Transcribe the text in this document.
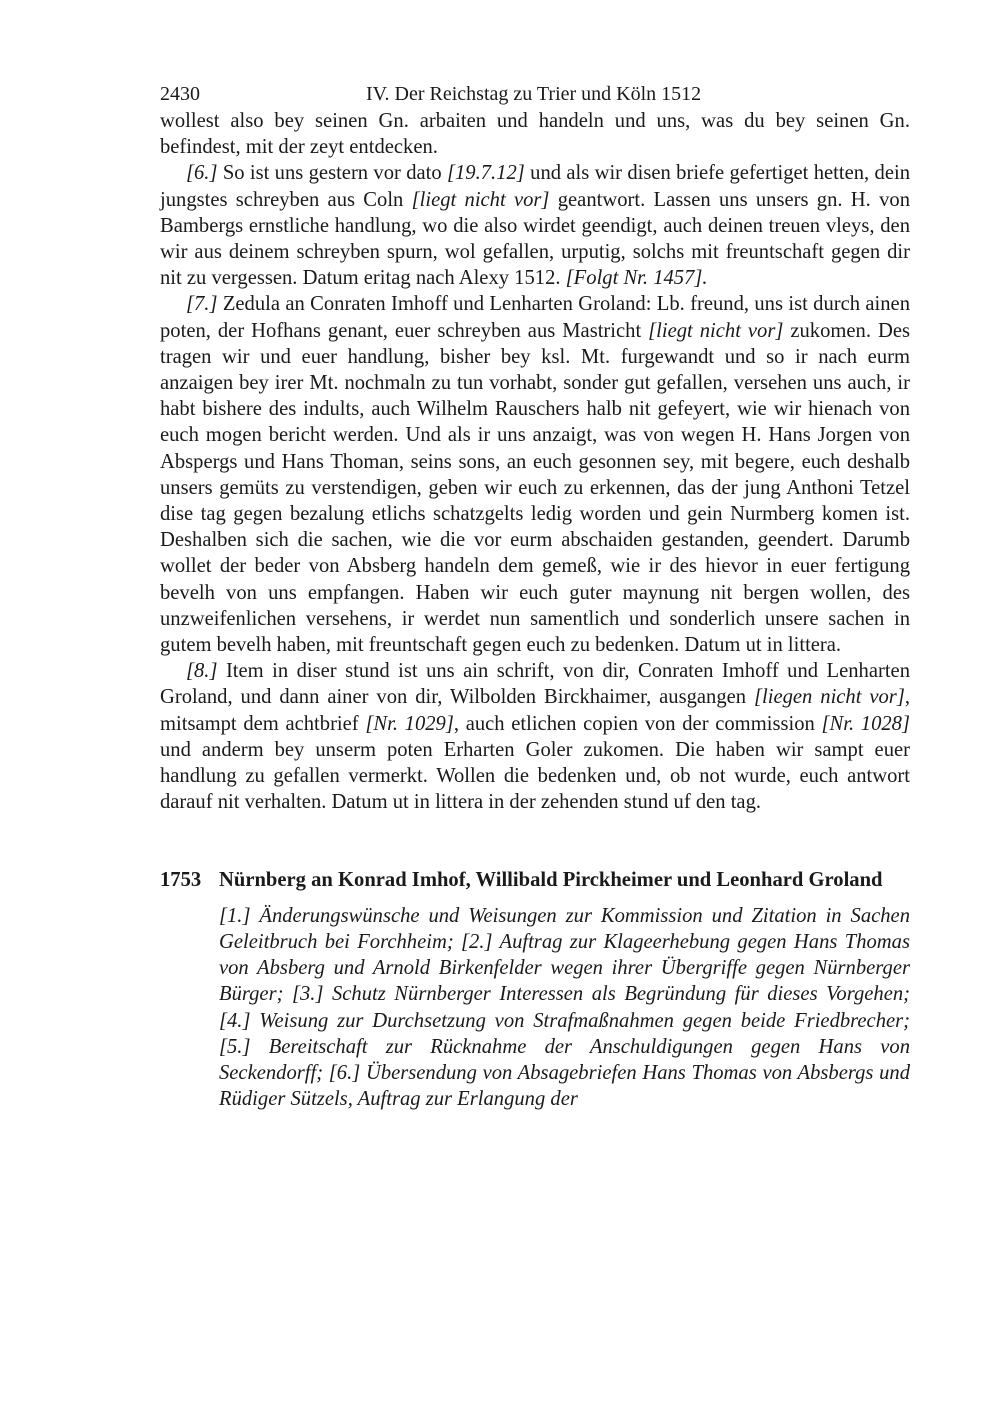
2430	IV. Der Reichstag zu Trier und Köln 1512

wollest also bey seinen Gn. arbaiten und handeln und uns, was du bey seinen Gn. befindest, mit der zeyt entdecken.

[6.] So ist uns gestern vor dato [19.7.12] und als wir disen briefe gefertiget hetten, dein jungstes schreyben aus Coln [liegt nicht vor] geantwort. Lassen uns unsers gn. H. von Bambergs ernstliche handlung, wo die also wirdet geendigt, auch deinen treuen vleys, den wir aus deinem schreyben spurn, wol gefallen, urputig, solchs mit freuntschaft gegen dir nit zu vergessen. Datum eritag nach Alexy 1512. [Folgt Nr. 1457].

[7.] Zedula an Conraten Imhoff und Lenharten Groland: Lb. freund, uns ist durch ainen poten, der Hofhans genant, euer schreyben aus Mastricht [liegt nicht vor] zukomen. Des tragen wir und euer handlung, bisher bey ksl. Mt. furgewandt und so ir nach eurm anzaigen bey irer Mt. nochmaln zu tun vorhabt, sonder gut gefallen, versehen uns auch, ir habt bishere des indults, auch Wilhelm Rauschers halb nit gefeyert, wie wir hienach von euch mogen bericht werden. Und als ir uns anzaigt, was von wegen H. Hans Jorgen von Abspergs und Hans Thoman, seins sons, an euch gesonnen sey, mit begere, euch deshalb unsers gemüts zu verstendigen, geben wir euch zu erkennen, das der jung Anthoni Tetzel dise tag gegen bezalung etlichs schatzgelts ledig worden und gein Nurmberg komen ist. Deshalben sich die sachen, wie die vor eurm abschaiden gestanden, geendert. Darumb wollet der beder von Absberg handeln dem gemeß, wie ir des hievor in euer fertigung bevelh von uns empfangen. Haben wir euch guter maynung nit bergen wollen, des unzweifenlichen versehens, ir werdet nun samentlich und sonderlich unsere sachen in gutem bevelh haben, mit freuntschaft gegen euch zu bedenken. Datum ut in littera.

[8.] Item in diser stund ist uns ain schrift, von dir, Conraten Imhoff und Lenharten Groland, und dann ainer von dir, Wilbolden Birckhaimer, ausgangen [liegen nicht vor], mitsampt dem achtbrief [Nr. 1029], auch etlichen copien von der commission [Nr. 1028] und anderm bey unserm poten Erharten Goler zukomen. Die haben wir sampt euer handlung zu gefallen vermerkt. Wollen die bedenken und, ob not wurde, euch antwort darauf nit verhalten. Datum ut in littera in der zehenden stund uf den tag.

1753 Nürnberg an Konrad Imhof, Willibald Pirckheimer und Leonhard Groland
[1.] Änderungswünsche und Weisungen zur Kommission und Zitation in Sachen Geleitbruch bei Forchheim; [2.] Auftrag zur Klageerhebung gegen Hans Thomas von Absberg und Arnold Birkenfelder wegen ihrer Übergriffe gegen Nürnberger Bürger; [3.] Schutz Nürnberger Interessen als Begründung für dieses Vorgehen; [4.] Weisung zur Durchsetzung von Strafmaßnahmen gegen beide Friedbrecher; [5.] Bereitschaft zur Rücknahme der Anschuldigungen gegen Hans von Seckendorff; [6.] Übersendung von Absagebriefen Hans Thomas von Absbergs und Rüdiger Sützels, Auftrag zur Erlangung der
